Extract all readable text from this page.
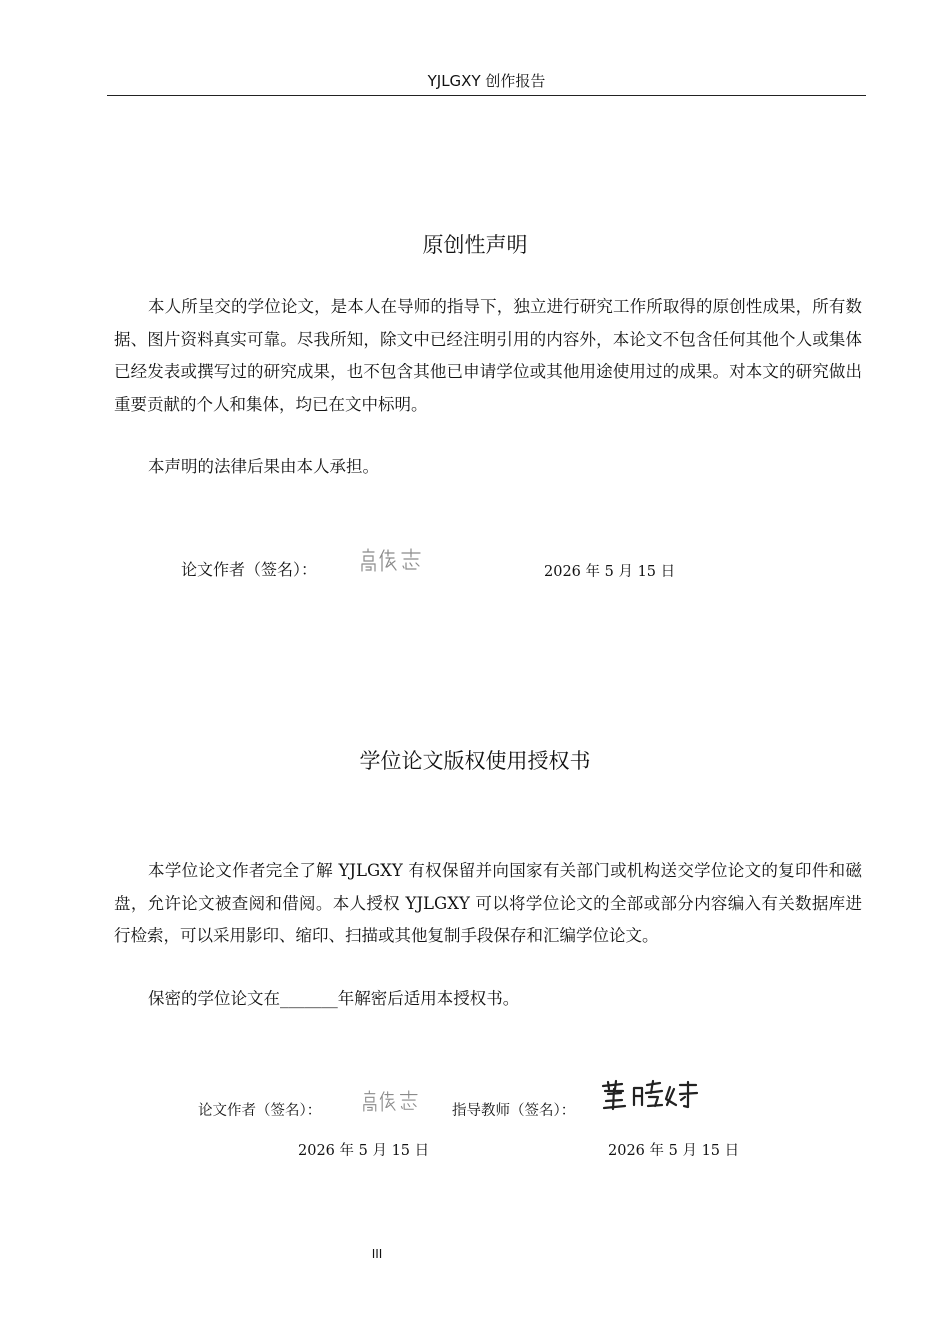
YJLGXY 创作报告
原创性声明

本人所呈交的学位论文，是本人在导师的指导下，独立进行研究工作所取得的原创性成果，所有数据、图片资料真实可靠。尽我所知，除文中已经注明引用的内容外，本论文不包含任何其他个人或集体已经发表或撰写过的研究成果，也不包含其他已申请学位或其他用途使用过的成果。对本文的研究做出重要贡献的个人和集体，均已在文中标明。

本声明的法律后果由本人承担。

论文作者（签名）：	2026 年 5 月 15 日
学位论文版权使用授权书

本学位论文作者完全了解 YJLGXY 有权保留并向国家有关部门或机构送交学位论文的复印件和磁盘，允许论文被查阅和借阅。本人授权 YJLGXY 可以将学位论文的全部或部分内容编入有关数据库进行检索，可以采用影印、缩印、扫描或其他复制手段保存和汇编学位论文。

保密的学位论文在_______年解密后适用本授权书。

论文作者（签名）：	指导教师（签名）：
2026 年 5 月 15 日	2026 年 5 月 15 日
III
